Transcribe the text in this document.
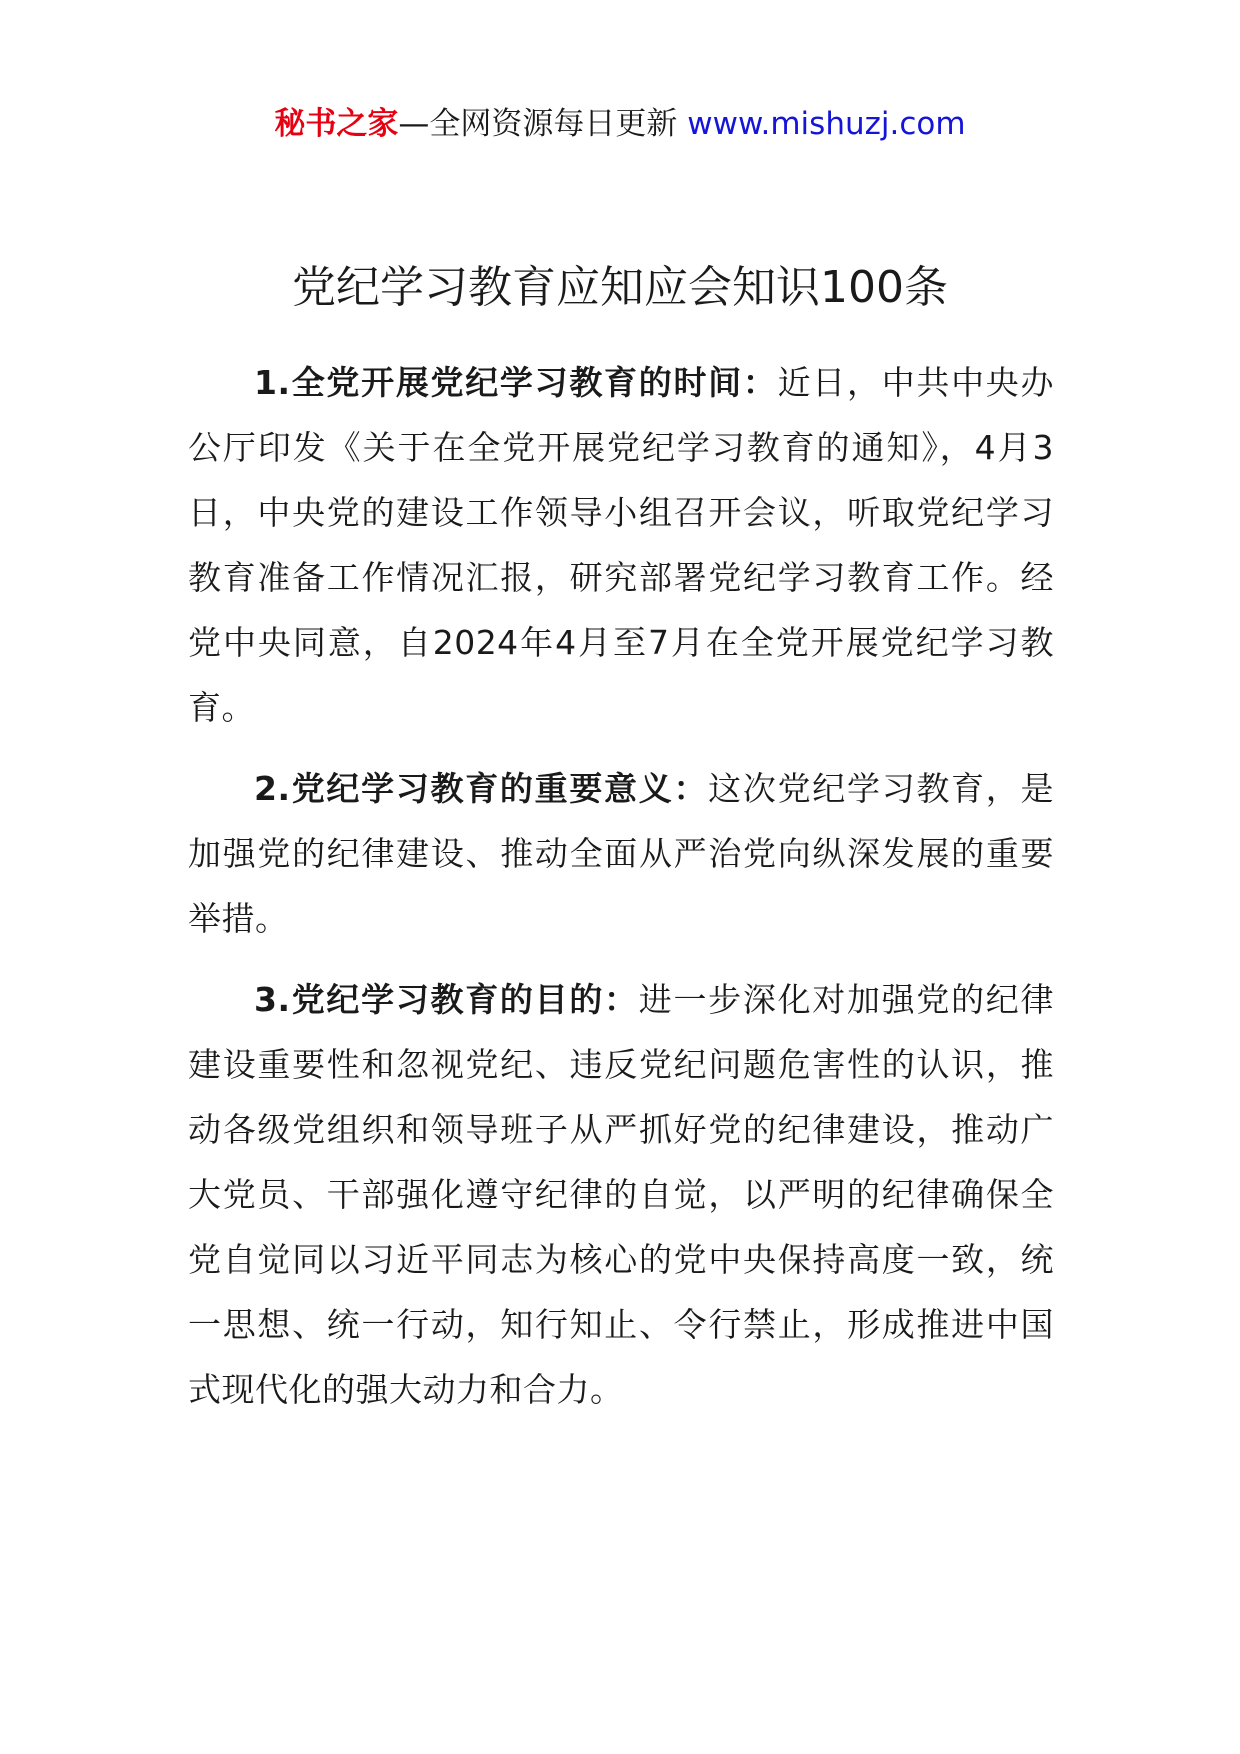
秘书之家—全网资源每日更新 www.mishuzj.com
党纪学习教育应知应会知识100条

1.全党开展党纪学习教育的时间：近日，中共中央办公厅印发《关于在全党开展党纪学习教育的通知》，4月3日，中央党的建设工作领导小组召开会议，听取党纪学习教育准备工作情况汇报，研究部署党纪学习教育工作。经党中央同意，自2024年4月至7月在全党开展党纪学习教育。

2.党纪学习教育的重要意义：这次党纪学习教育，是加强党的纪律建设、推动全面从严治党向纵深发展的重要举措。

3.党纪学习教育的目的：进一步深化对加强党的纪律建设重要性和忽视党纪、违反党纪问题危害性的认识，推动各级党组织和领导班子从严抓好党的纪律建设，推动广大党员、干部强化遵守纪律的自觉，以严明的纪律确保全党自觉同以习近平同志为核心的党中央保持高度一致，统一思想、统一行动，知行知止、令行禁止，形成推进中国式现代化的强大动力和合力。
